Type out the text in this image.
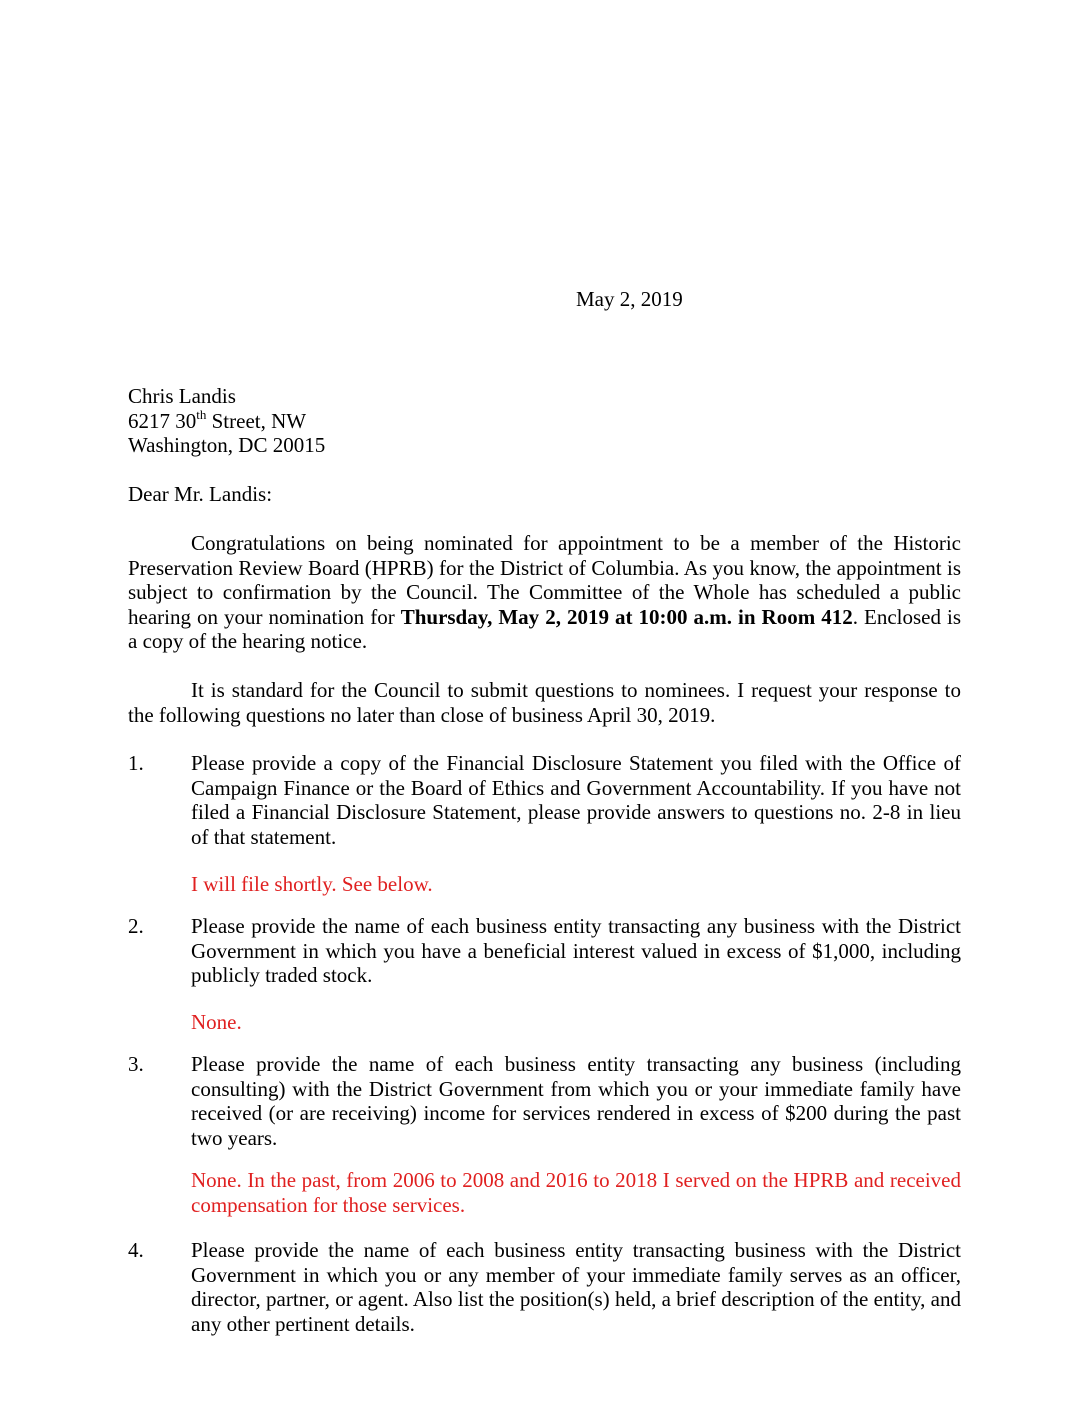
May 2, 2019
Chris Landis
6217 30th Street, NW
Washington, DC 20015
Dear Mr. Landis:
Congratulations on being nominated for appointment to be a member of the Historic Preservation Review Board (HPRB) for the District of Columbia. As you know, the appointment is subject to confirmation by the Council. The Committee of the Whole has scheduled a public hearing on your nomination for Thursday, May 2, 2019 at 10:00 a.m. in Room 412. Enclosed is a copy of the hearing notice.
It is standard for the Council to submit questions to nominees. I request your response to the following questions no later than close of business April 30, 2019.
1. Please provide a copy of the Financial Disclosure Statement you filed with the Office of Campaign Finance or the Board of Ethics and Government Accountability. If you have not filed a Financial Disclosure Statement, please provide answers to questions no. 2-8 in lieu of that statement.
I will file shortly. See below.
2. Please provide the name of each business entity transacting any business with the District Government in which you have a beneficial interest valued in excess of $1,000, including publicly traded stock.
None.
3. Please provide the name of each business entity transacting any business (including consulting) with the District Government from which you or your immediate family have received (or are receiving) income for services rendered in excess of $200 during the past two years.
None. In the past, from 2006 to 2008 and 2016 to 2018 I served on the HPRB and received compensation for those services.
4. Please provide the name of each business entity transacting business with the District Government in which you or any member of your immediate family serves as an officer, director, partner, or agent. Also list the position(s) held, a brief description of the entity, and any other pertinent details.
